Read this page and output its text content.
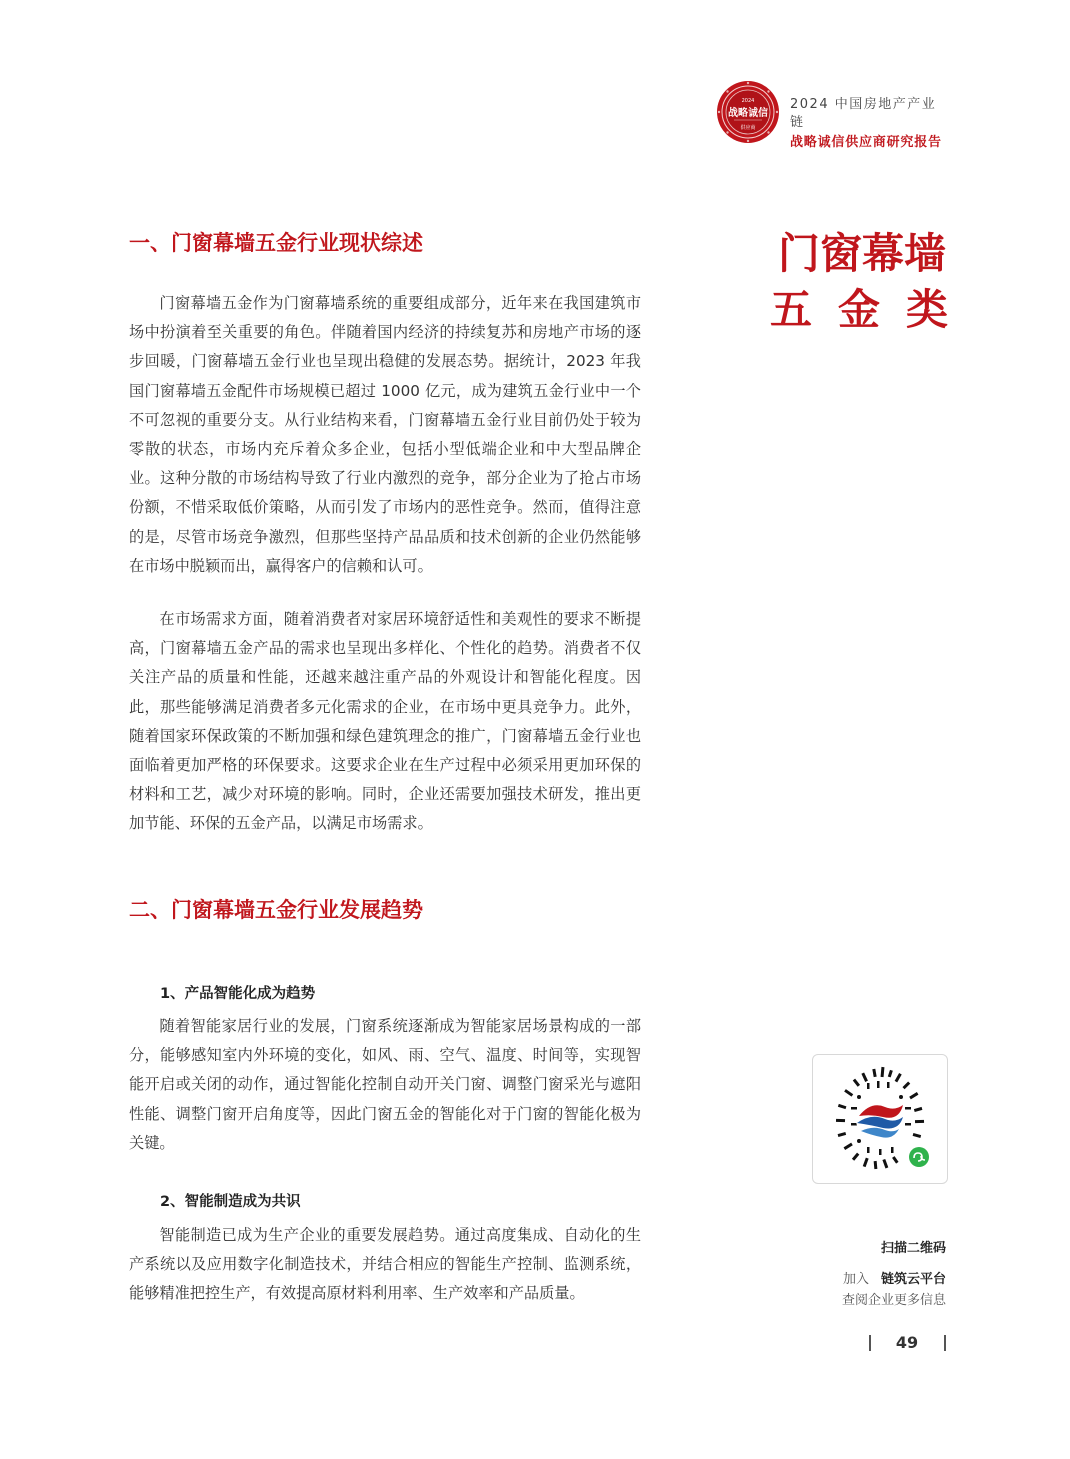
2024
战略诚信
供应商
2024 中国房地产产业链
战略诚信供应商研究报告
门窗幕墙
五金类
一、门窗幕墙五金行业现状综述

门窗幕墙五金作为门窗幕墙系统的重要组成部分，近年来在我国建筑市场中扮演着至关重要的角色。伴随着国内经济的持续复苏和房地产市场的逐步回暖，门窗幕墙五金行业也呈现出稳健的发展态势。据统计，2023 年我国门窗幕墙五金配件市场规模已超过 1000 亿元，成为建筑五金行业中一个不可忽视的重要分支。从行业结构来看，门窗幕墙五金行业目前仍处于较为零散的状态，市场内充斥着众多企业，包括小型低端企业和中大型品牌企业。这种分散的市场结构导致了行业内激烈的竞争，部分企业为了抢占市场份额，不惜采取低价策略，从而引发了市场内的恶性竞争。然而，值得注意的是，尽管市场竞争激烈，但那些坚持产品品质和技术创新的企业仍然能够在市场中脱颖而出，赢得客户的信赖和认可。

在市场需求方面，随着消费者对家居环境舒适性和美观性的要求不断提高，门窗幕墙五金产品的需求也呈现出多样化、个性化的趋势。消费者不仅关注产品的质量和性能，还越来越注重产品的外观设计和智能化程度。因此，那些能够满足消费者多元化需求的企业，在市场中更具竞争力。此外，随着国家环保政策的不断加强和绿色建筑理念的推广，门窗幕墙五金行业也面临着更加严格的环保要求。这要求企业在生产过程中必须采用更加环保的材料和工艺，减少对环境的影响。同时，企业还需要加强技术研发，推出更加节能、环保的五金产品，以满足市场需求。

二、门窗幕墙五金行业发展趋势
1、产品智能化成为趋势

随着智能家居行业的发展，门窗系统逐渐成为智能家居场景构成的一部分，能够感知室内外环境的变化，如风、雨、空气、温度、时间等，实现智能开启或关闭的动作，通过智能化控制自动开关门窗、调整门窗采光与遮阳性能、调整门窗开启角度等，因此门窗五金的智能化对于门窗的智能化极为关键。

2、智能制造成为共识

智能制造已成为生产企业的重要发展趋势。通过高度集成、自动化的生产系统以及应用数字化制造技术，并结合相应的智能生产控制、监测系统，能够精准把控生产，有效提高原材料利用率、生产效率和产品质量。

扫描二维码
加入 链筑云平台
查阅企业更多信息
49
